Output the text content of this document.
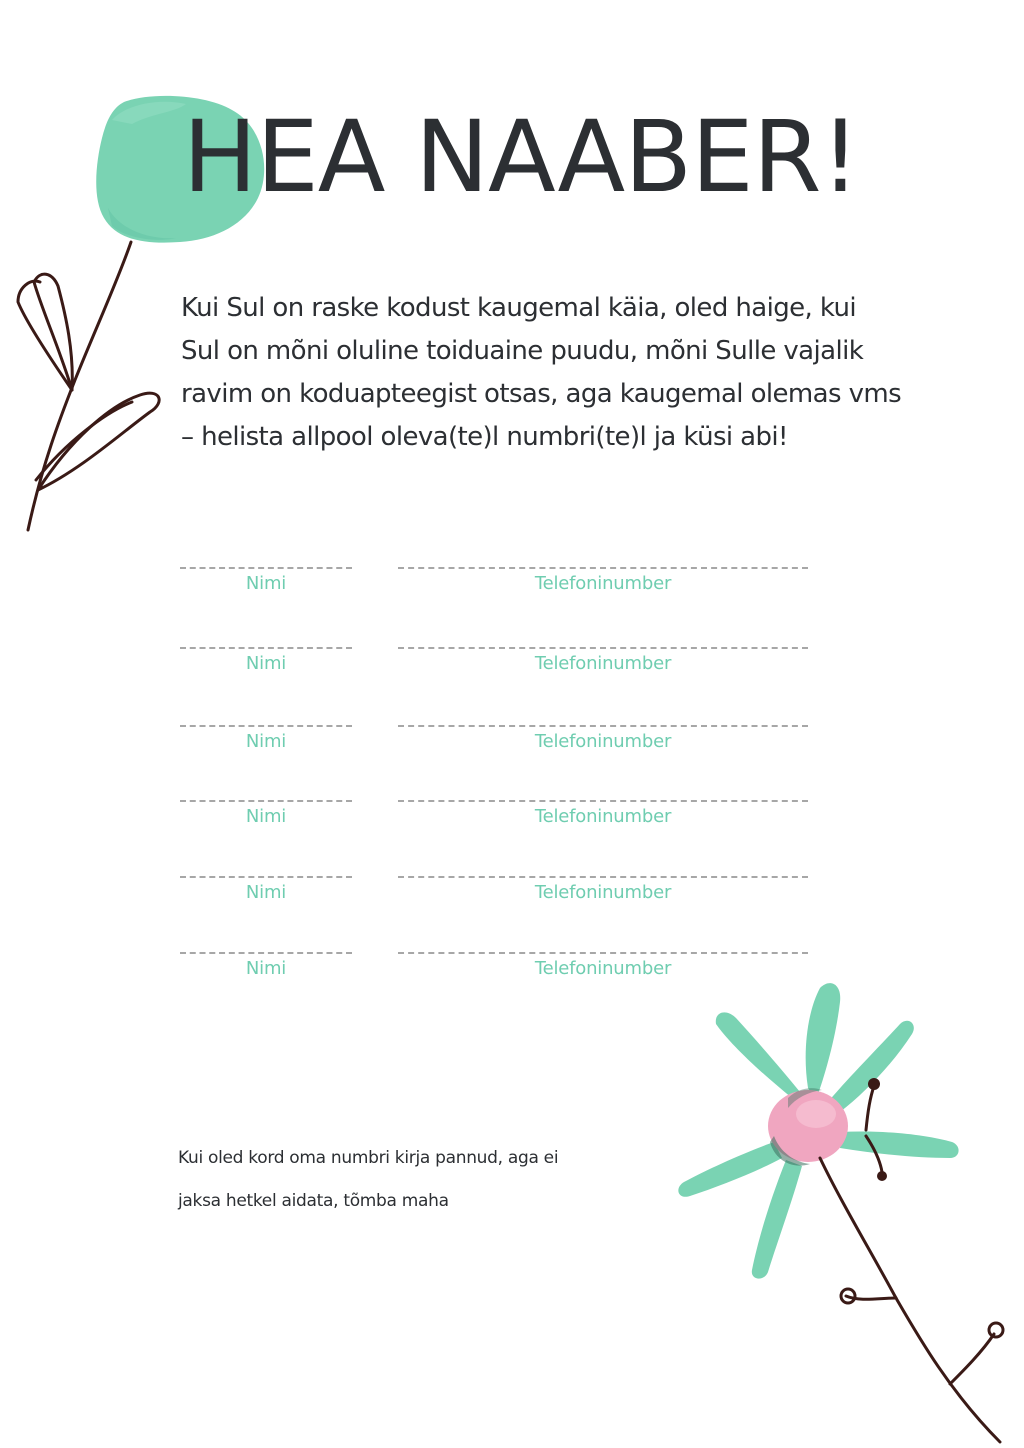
HEA NAABER!

Kui Sul on raske kodust kaugemal käia, oled haige, kui
Sul on mõni oluline toiduaine puudu, mõni Sulle vajalik
ravim on koduapteegist otsas, aga kaugemal olemas vms
– helista allpool oleva(te)l numbri(te)l ja küsi abi!

Nimi	Telefoninumber
Nimi	Telefoninumber
Nimi	Telefoninumber
Nimi	Telefoninumber
Nimi	Telefoninumber
Nimi	Telefoninumber

Kui oled kord oma numbri kirja pannud, aga ei
jaksa hetkel aidata, tõmba maha
